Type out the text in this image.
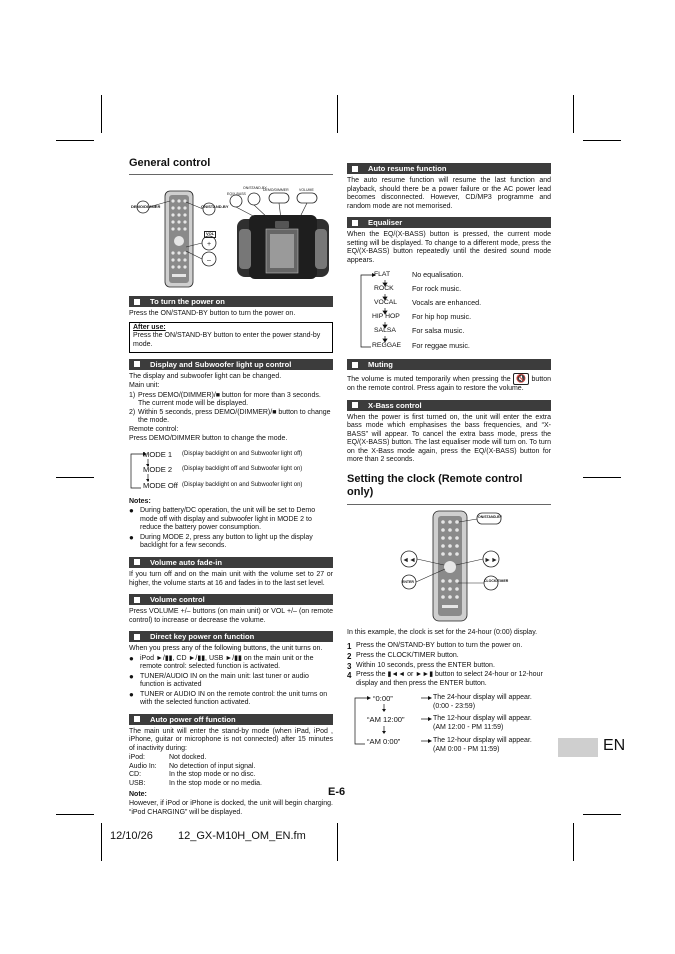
General control
+
–
DEMO/DIMMER	ON/STAND-BY
ON/STAND-BY
EQ/X-BASS
DEMO/DIMMER	VOLUME
VOL
To turn the power on

Press the ON/STAND-BY button to turn the power on.

After use:
Press the ON/STAND-BY button to enter the power stand-by mode.
Display and Subwoofer light up control

The display and subwoofer light can be changed.

Main unit:

1) Press DEMO/(DIMMER)/■ button for more than 3 seconds. The current mode will be displayed.
2) Within 5 seconds, press DEMO/(DIMMER)/■ button to change the mode.

Remote control:

Press DEMO/DIMMER button to change the mode.

MODE 1	(Display backlight on and Subwoofer light off)
MODE 2	(Display backlight off and Subwoofer light on)
MODE Off (Display backlight on and Subwoofer light on)

Notes:

● During battery/DC operation, the unit will be set to Demo mode off with display and subwoofer light in MODE 2 to reduce the battery power consumption.
● During MODE 2, press any button to light up the display backlight for a few seconds.
Volume auto fade-in

If you turn off and on the main unit with the volume set to 27 or higher, the volume starts at 16 and fades in to the last set level.

Volume control

Press VOLUME +/– buttons (on main unit) or VOL +/– (on remote control) to increase or decrease the volume.

Direct key power on function

When you press any of the following buttons, the unit turns on.

● iPod ►/▮▮, CD ►/▮▮, USB ►/▮▮ on the main unit or the remote control: selected function is activated.
● TUNER/AUDIO IN on the main unit: last tuner or audio function is activated
● TUNER or AUDIO IN on the remote control: the unit turns on with the selected function activated.
Auto power off function

The main unit will enter the stand-by mode (when iPad, iPod , iPhone, guitar or microphone is not connected) after 15 minutes of inactivity during:

iPod:	Not docked.
Audio In:	No detection of input signal.
CD:	In the stop mode or no disc.
USB:	In the stop mode or no media.

Note:

However, if iPod or iPhone is docked, the unit will begin charging. “iPod CHARGING” will be displayed.

Auto resume function

The auto resume function will resume the last function and playback, should there be a power failure or the AC power lead becomes disconnected. However, CD/MP3 programme and random mode are not memorised.

Equaliser

When the EQ/(X-BASS) button is pressed, the current mode setting will be displayed. To change to a different mode, press the EQ/(X-BASS) button repeatedly until the desired sound mode appears.

FLAT	No equalisation.
ROCK	For rock music.
VOCAL	Vocals are enhanced.
HIP HOP	For hip hop music.
SALSA	For salsa music.
REGGAE	For reggae music.
Muting

The volume is muted temporarily when pressing the 🔇 button on the remote control. Press again to restore the volume.

X-Bass control

When the power is first turned on, the unit will enter the extra bass mode which emphasises the bass frequencies, and “X-BASS” will appear. To cancel the extra bass mode, press the EQ/(X-BASS) button. The last equaliser mode will turn on. To turn on the X-Bass mode again, press the EQ/(X-BASS) button for more than 2 seconds.

Setting the clock (Remote control only)
◄◄	►►
ON/STAND-BY
ENTER	CLOCK/TIMER

In this example, the clock is set for the 24-hour (0:00) display.

1 Press the ON/STAND-BY button to turn the power on.
2 Press the CLOCK/TIMER button.
3 Within 10 seconds, press the ENTER button.
4 Press the ▮◄◄ or ►►▮ button to select 24-hour or 12-hour display and then press the ENTER button.
“0:00”	The 24-hour display will appear.
(0:00 - 23:59)
“AM 12:00”	The 12-hour display will appear.
(AM 12:00 - PM 11:59)
“AM 0:00”	The 12-hour display will appear.
(AM 0:00 - PM 11:59)	EN
E-6
12/10/26 12_GX-M10H_OM_EN.fm
